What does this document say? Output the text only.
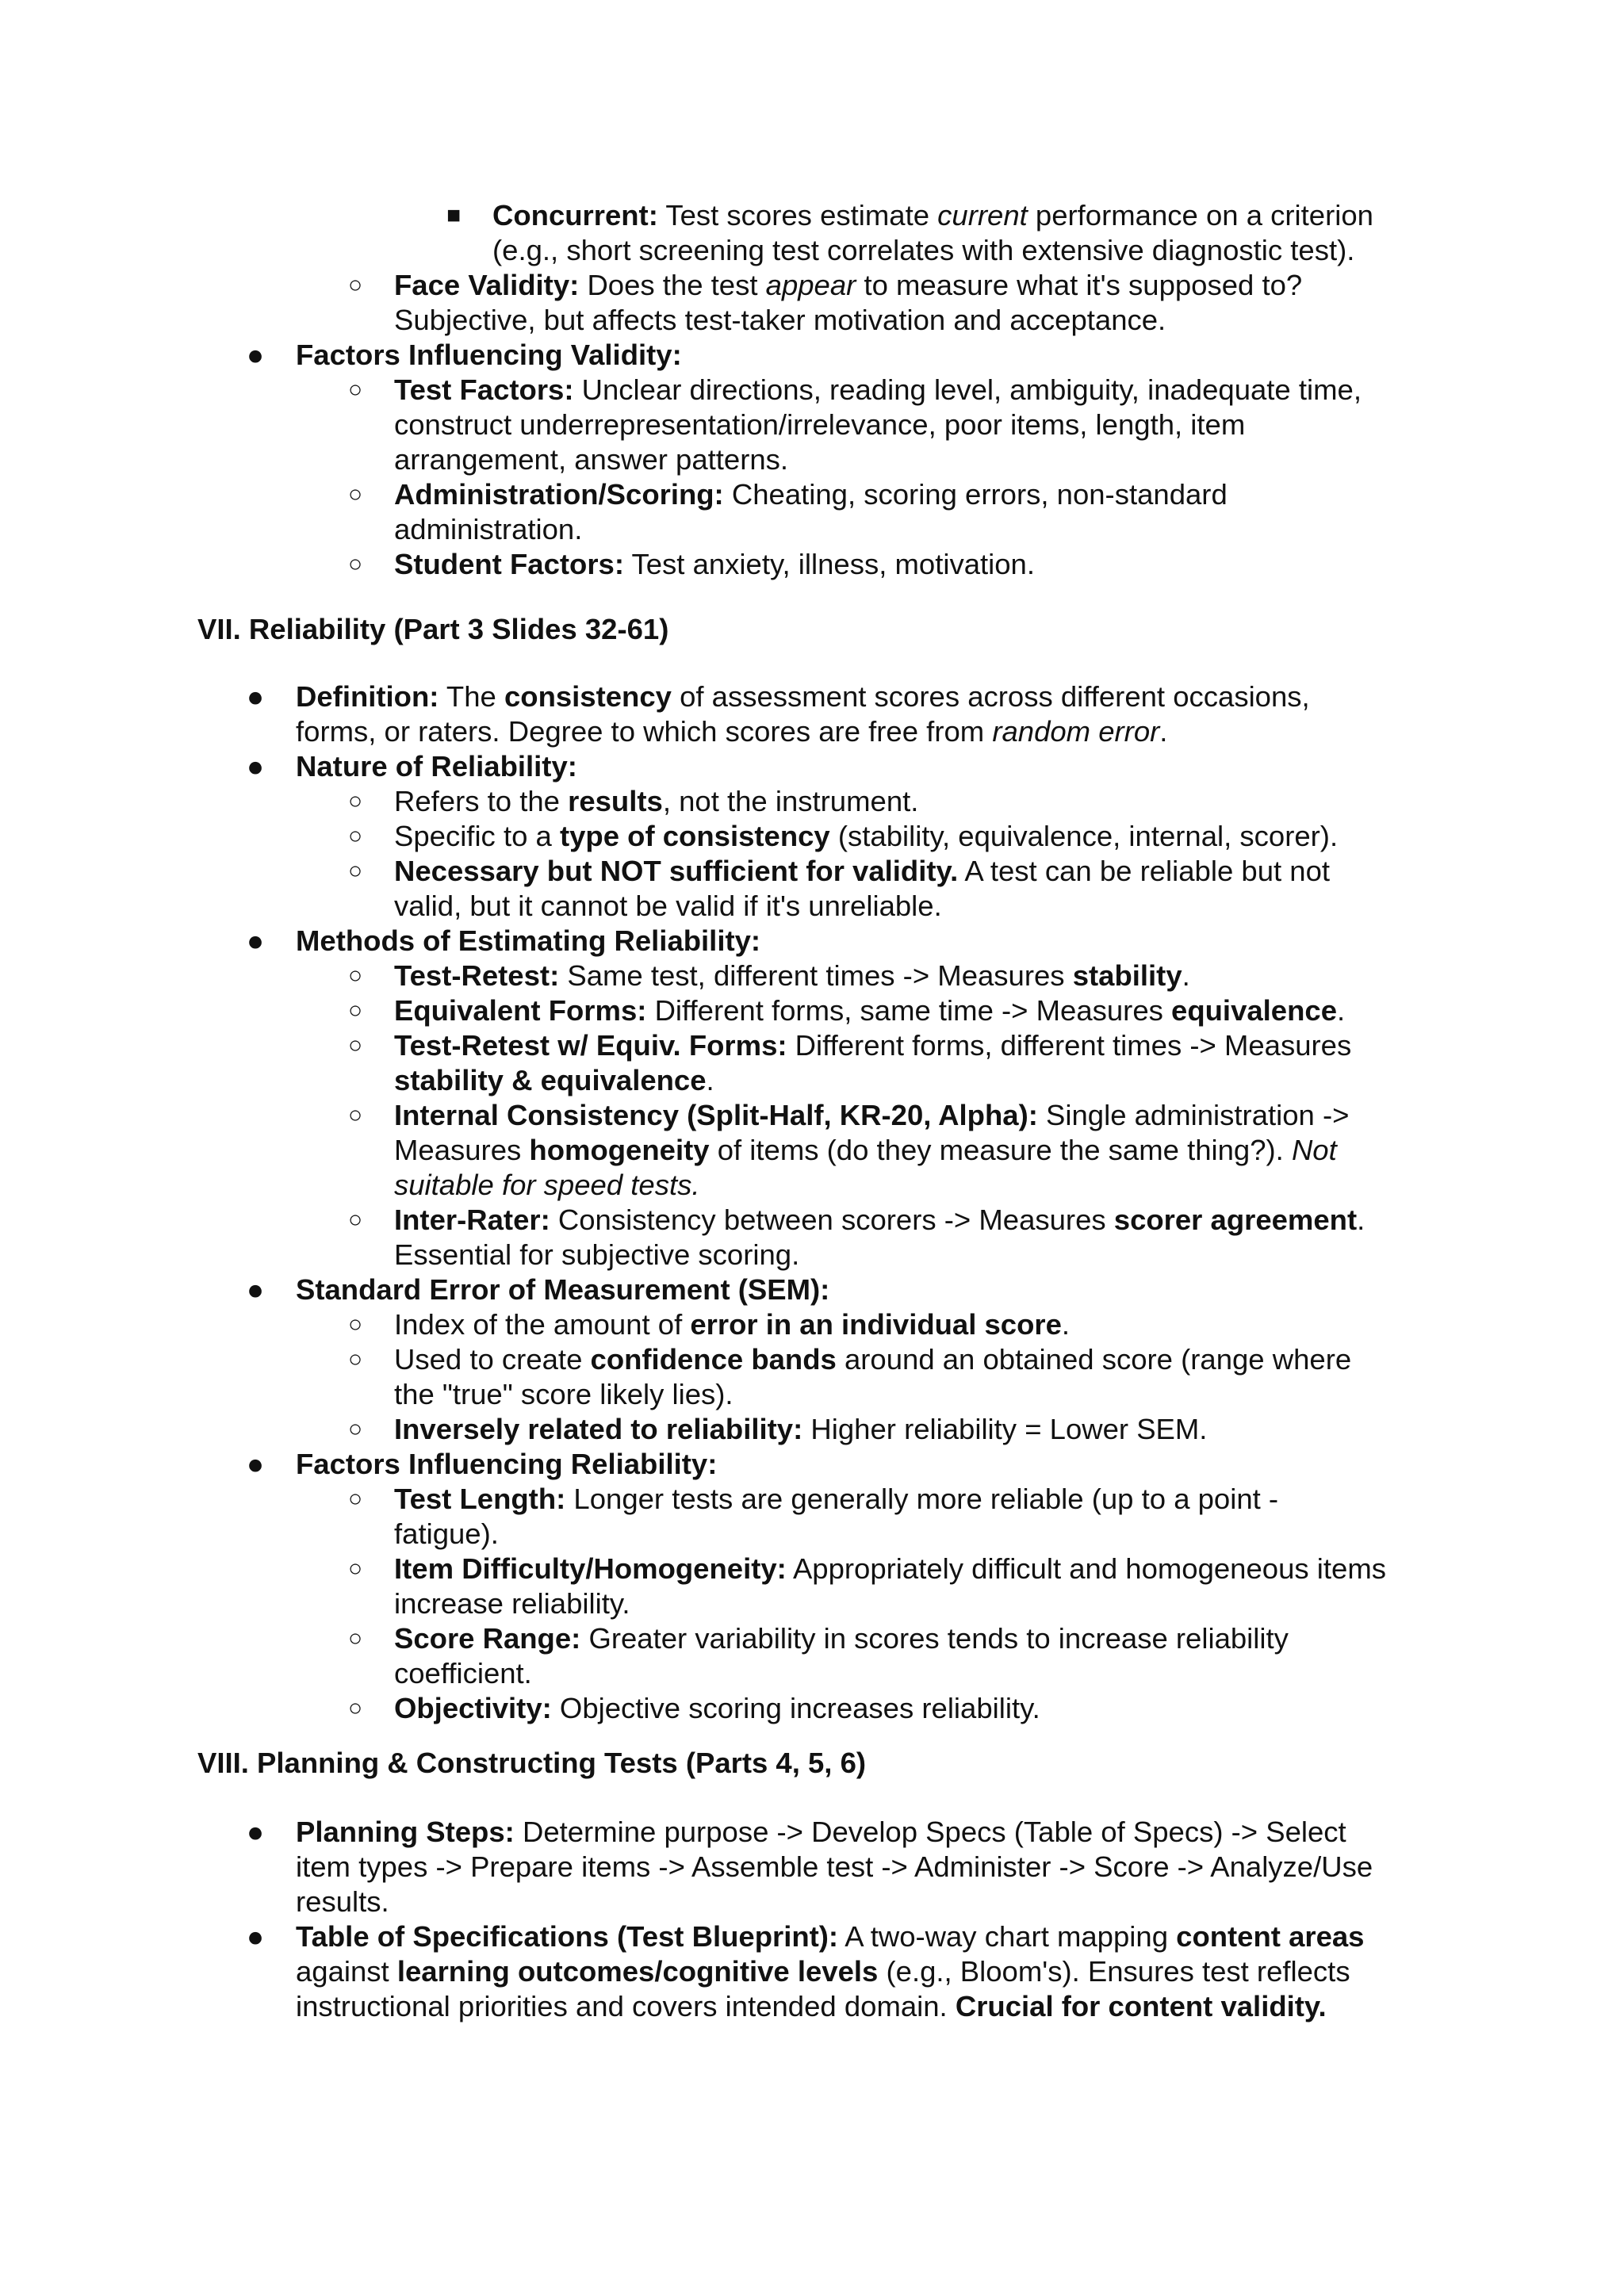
■ Concurrent: Test scores estimate current performance on a criterion
(e.g., short screening test correlates with extensive diagnostic test).
○ Face Validity: Does the test appear to measure what it's supposed to?
Subjective, but affects test-taker motivation and acceptance.
● Factors Influencing Validity:
○ Test Factors: Unclear directions, reading level, ambiguity, inadequate time,
construct underrepresentation/irrelevance, poor items, length, item
arrangement, answer patterns.
○ Administration/Scoring: Cheating, scoring errors, non-standard
administration.
○ Student Factors: Test anxiety, illness, motivation.
VII. Reliability (Part 3 Slides 32-61)
● Definition: The consistency of assessment scores across different occasions,
forms, or raters. Degree to which scores are free from random error.
● Nature of Reliability:
○ Refers to the results, not the instrument.
○ Specific to a type of consistency (stability, equivalence, internal, scorer).
○ Necessary but NOT sufficient for validity. A test can be reliable but not
valid, but it cannot be valid if it's unreliable.
● Methods of Estimating Reliability:
○ Test-Retest: Same test, different times -> Measures stability.
○ Equivalent Forms: Different forms, same time -> Measures equivalence.
○ Test-Retest w/ Equiv. Forms: Different forms, different times -> Measures
stability & equivalence.
○ Internal Consistency (Split-Half, KR-20, Alpha): Single administration ->
Measures homogeneity of items (do they measure the same thing?). Not
suitable for speed tests.
○ Inter-Rater: Consistency between scorers -> Measures scorer agreement.
Essential for subjective scoring.
● Standard Error of Measurement (SEM):
○ Index of the amount of error in an individual score.
○ Used to create confidence bands around an obtained score (range where
the "true" score likely lies).
○ Inversely related to reliability: Higher reliability = Lower SEM.
● Factors Influencing Reliability:
○ Test Length: Longer tests are generally more reliable (up to a point -
fatigue).
○ Item Difficulty/Homogeneity: Appropriately difficult and homogeneous items
increase reliability.
○ Score Range: Greater variability in scores tends to increase reliability
coefficient.
○ Objectivity: Objective scoring increases reliability.
VIII. Planning & Constructing Tests (Parts 4, 5, 6)
● Planning Steps: Determine purpose -> Develop Specs (Table of Specs) -> Select
item types -> Prepare items -> Assemble test -> Administer -> Score -> Analyze/Use
results.
● Table of Specifications (Test Blueprint): A two-way chart mapping content areas
against learning outcomes/cognitive levels (e.g., Bloom's). Ensures test reflects
instructional priorities and covers intended domain. Crucial for content validity.
